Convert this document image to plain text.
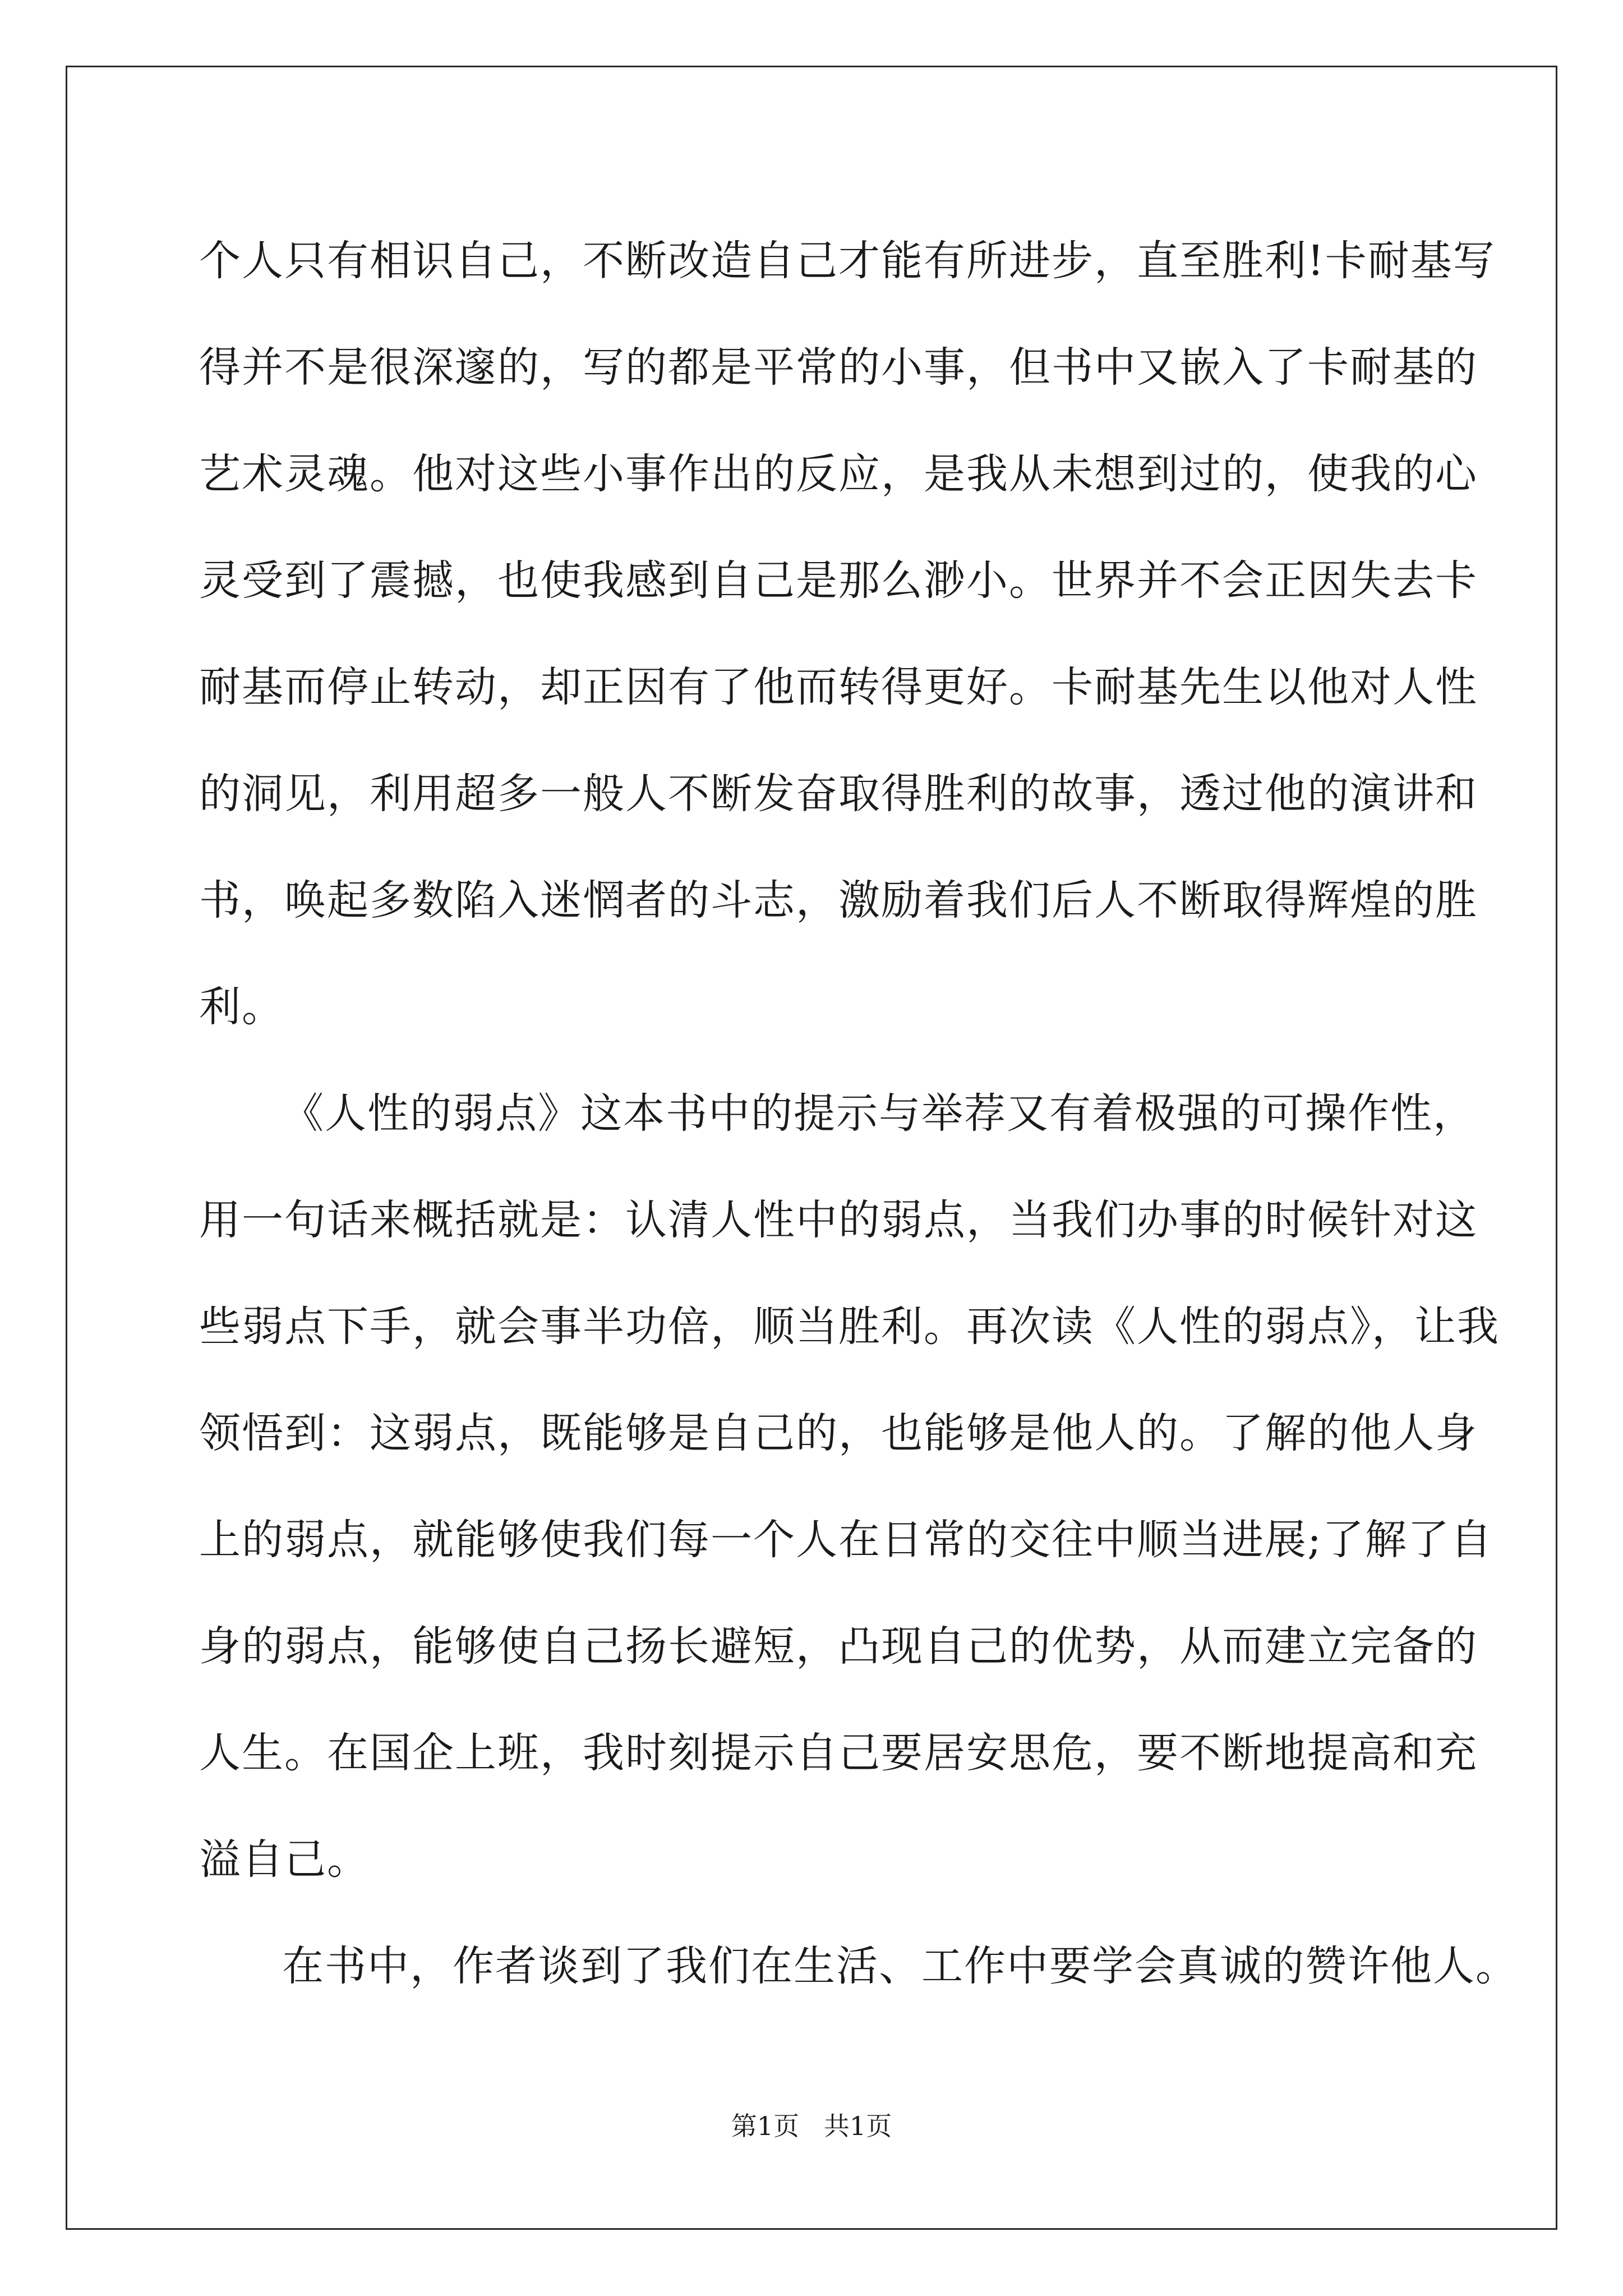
个人只有相识自己，不断改造自己才能有所进步，直至胜利!卡耐基写
得并不是很深邃的，写的都是平常的小事，但书中又嵌入了卡耐基的
艺术灵魂。他对这些小事作出的反应，是我从未想到过的，使我的心
灵受到了震撼，也使我感到自己是那么渺小。世界并不会正因失去卡
耐基而停止转动，却正因有了他而转得更好。卡耐基先生以他对人性
的洞见，利用超多一般人不断发奋取得胜利的故事，透过他的演讲和
书，唤起多数陷入迷惘者的斗志，激励着我们后人不断取得辉煌的胜
利。
《人性的弱点》这本书中的提示与举荐又有着极强的可操作性，
用一句话来概括就是：认清人性中的弱点，当我们办事的时候针对这
些弱点下手，就会事半功倍，顺当胜利。再次读《人性的弱点》，让我
领悟到：这弱点，既能够是自己的，也能够是他人的。了解的他人身
上的弱点，就能够使我们每一个人在日常的交往中顺当进展;了解了自
身的弱点，能够使自己扬长避短，凸现自己的优势，从而建立完备的
人生。在国企上班，我时刻提示自己要居安思危，要不断地提高和充
溢自己。
在书中，作者谈到了我们在生活、工作中要学会真诚的赞许他人。
第1页   共1页
